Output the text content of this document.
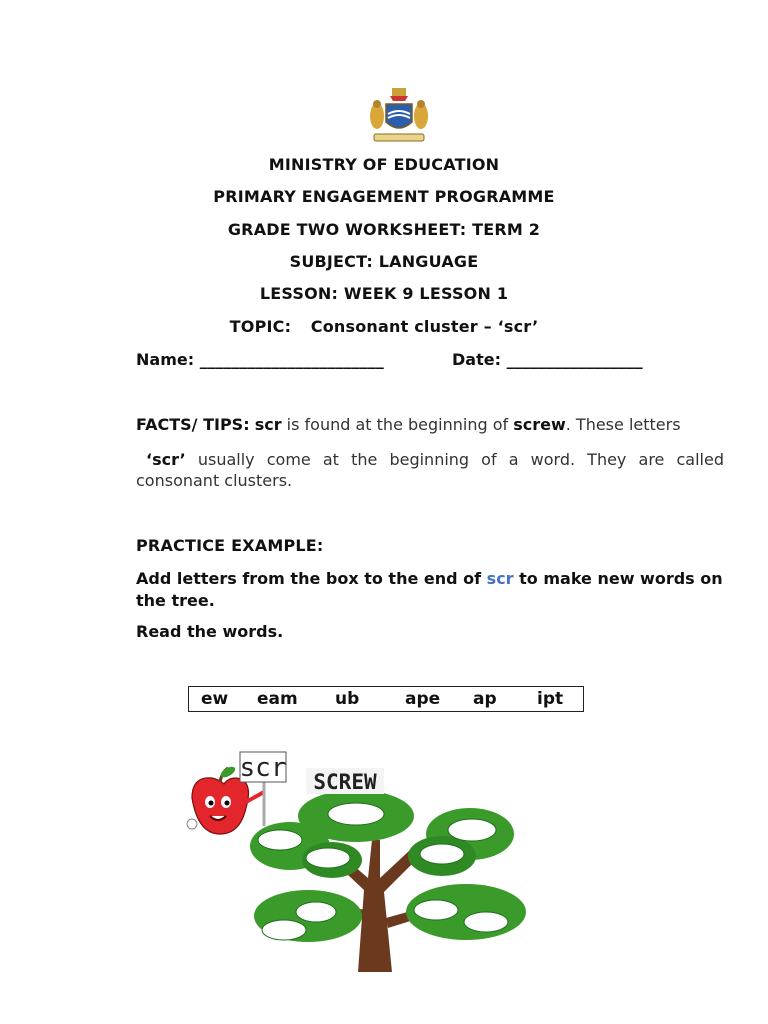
MINISTRY OF EDUCATION
PRIMARY ENGAGEMENT PROGRAMME
GRADE TWO WORKSHEET: TERM 2
SUBJECT: LANGUAGE
LESSON: WEEK 9 LESSON 1
TOPIC: Consonant cluster – ‘scr’
Name: _______________________	Date: _________________
FACTS/ TIPS: scr is found at the beginning of screw. These letters
‘scr’ usually come at the beginning of a word. They are called consonant clusters.
PRACTICE EXAMPLE:
Add letters from the box to the end of scr to make new words on the tree.
Read the words.
ew eam ub	ape ap ipt
scr SCREW
